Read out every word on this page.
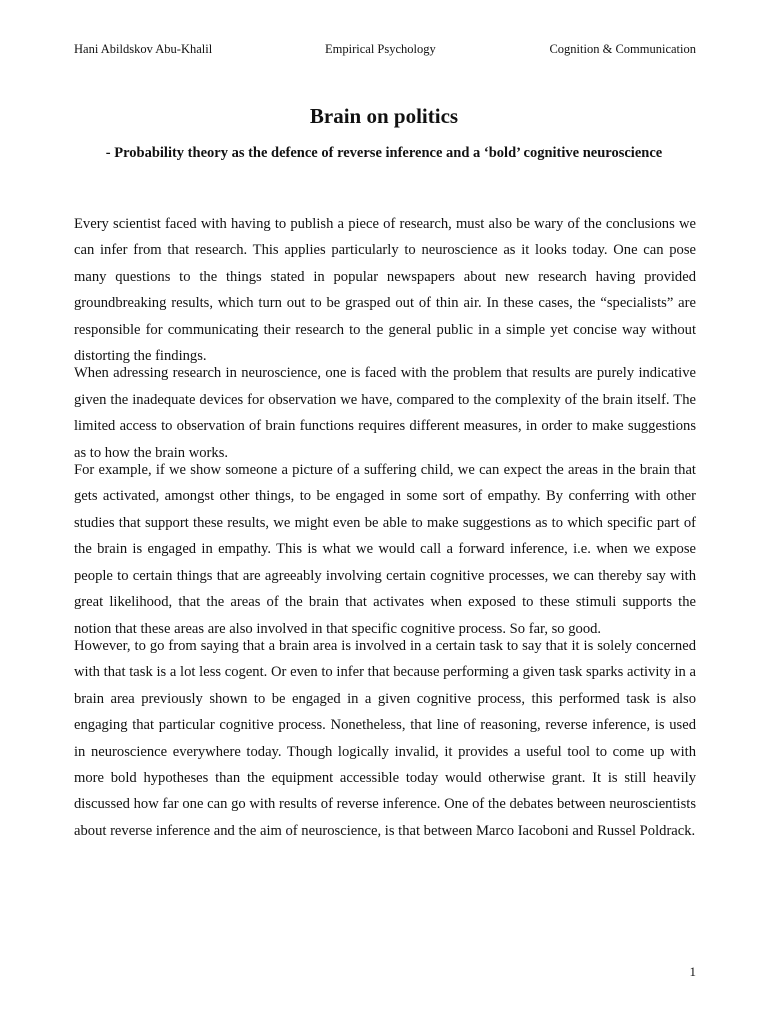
Hani Abildskov Abu-Khalil	Empirical Psychology	Cognition & Communication
Brain on politics
- Probability theory as the defence of reverse inference and a ‘bold’ cognitive neuroscience

Every scientist faced with having to publish a piece of research, must also be wary of the conclusions we can infer from that research. This applies particularly to neuroscience as it looks today. One can pose many questions to the things stated in popular newspapers about new research having provided groundbreaking results, which turn out to be grasped out of thin air. In these cases, the “specialists” are responsible for communicating their research to the general public in a simple yet concise way without distorting the findings.

When adressing research in neuroscience, one is faced with the problem that results are purely indicative given the inadequate devices for observation we have, compared to the complexity of the brain itself. The limited access to observation of brain functions requires different measures, in order to make suggestions as to how the brain works.

For example, if we show someone a picture of a suffering child, we can expect the areas in the brain that gets activated, amongst other things, to be engaged in some sort of empathy. By conferring with other studies that support these results, we might even be able to make suggestions as to which specific part of the brain is engaged in empathy. This is what we would call a forward inference, i.e. when we expose people to certain things that are agreeably involving certain cognitive processes, we can thereby say with great likelihood, that the areas of the brain that activates when exposed to these stimuli supports the notion that these areas are also involved in that specific cognitive process. So far, so good.

However, to go from saying that a brain area is involved in a certain task to say that it is solely concerned with that task is a lot less cogent. Or even to infer that because performing a given task sparks activity in a brain area previously shown to be engaged in a given cognitive process, this performed task is also engaging that particular cognitive process. Nonetheless, that line of reasoning, reverse inference, is used in neuroscience everywhere today. Though logically invalid, it provides a useful tool to come up with more bold hypotheses than the equipment accessible today would otherwise grant. It is still heavily discussed how far one can go with results of reverse inference. One of the debates between neuroscientists about reverse inference and the aim of neuroscience, is that between Marco Iacoboni and Russel Poldrack.

1
